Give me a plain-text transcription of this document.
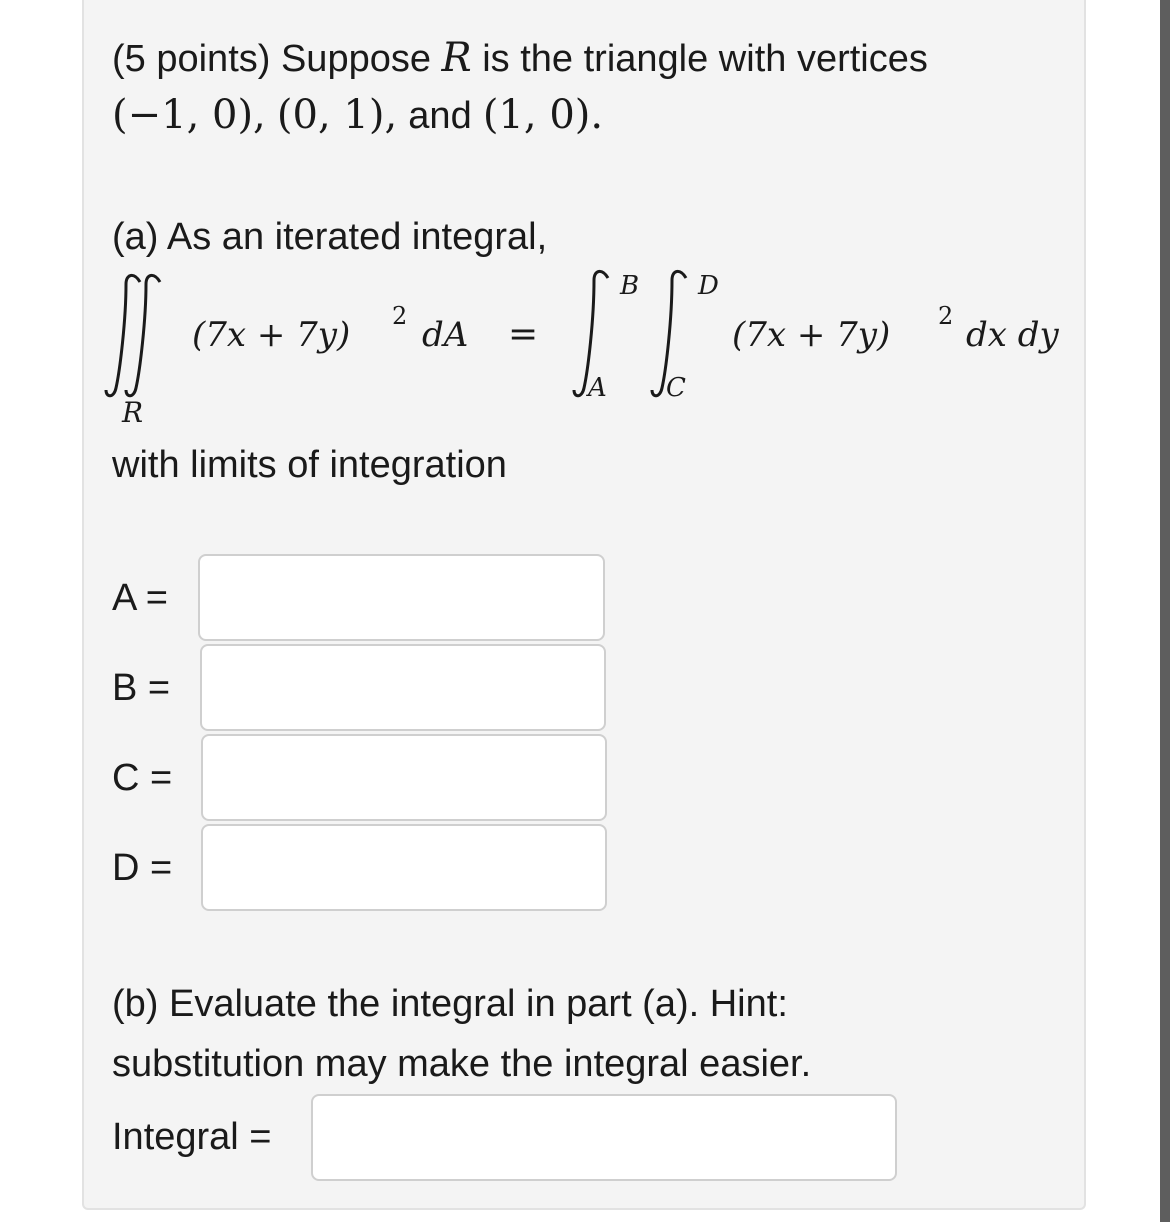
(5 points) Suppose R is the triangle with vertices
(−1, 0), (0, 1), and (1, 0).
(a) As an iterated integral,
R
(7x + 7y) 2 dA =
B
A
D
C
(7x + 7y) 2 dx dy
with limits of integration
A =
B =
C =
D =
(b) Evaluate the integral in part (a). Hint:
substitution may make the integral easier.
Integral =
